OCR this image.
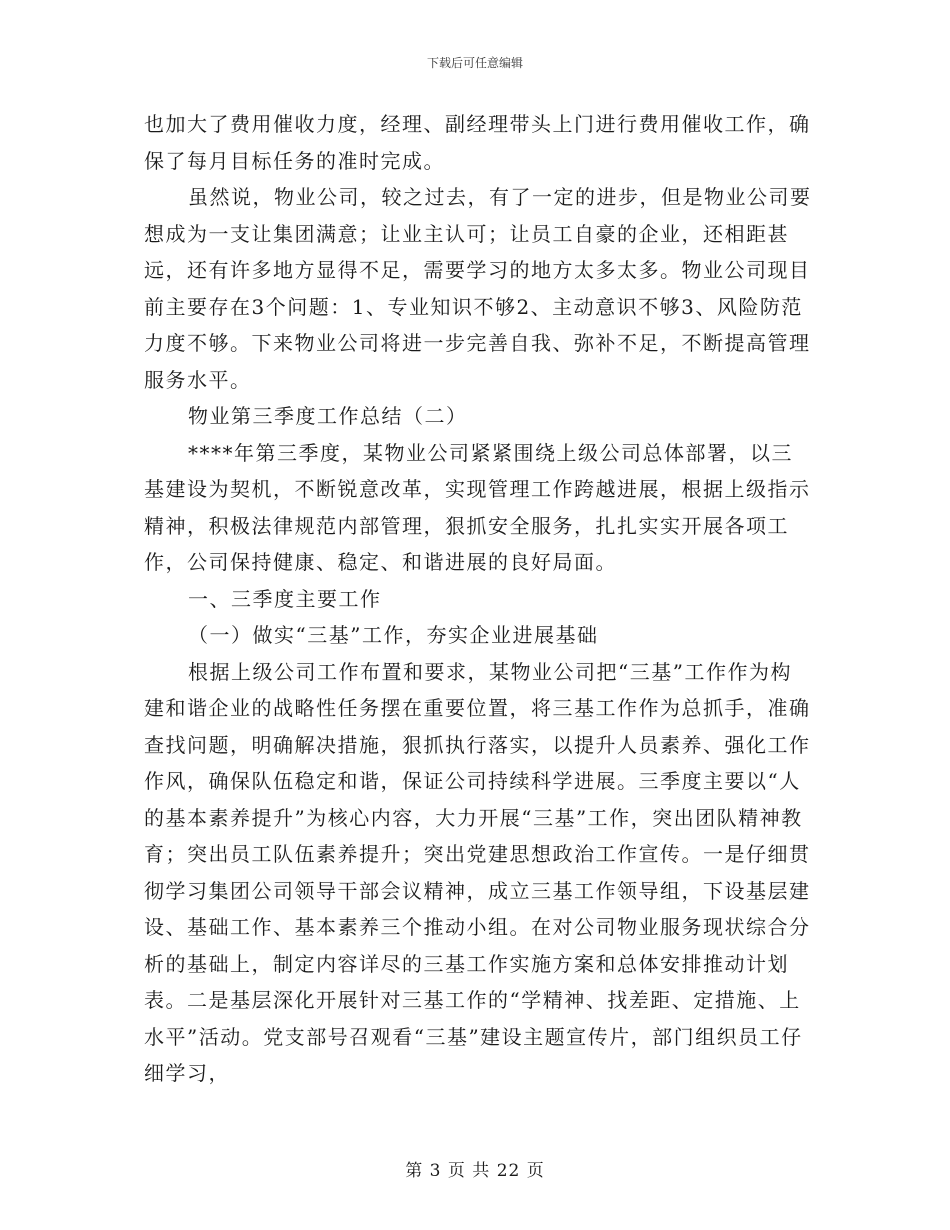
下载后可任意编辑

也加大了费用催收力度，经理、副经理带头上门进行费用催收工作，确保了每月目标任务的准时完成。

虽然说，物业公司，较之过去，有了一定的进步，但是物业公司要想成为一支让集团满意；让业主认可；让员工自豪的企业，还相距甚远，还有许多地方显得不足，需要学习的地方太多太多。物业公司现目前主要存在3个问题：1、专业知识不够2、主动意识不够3、风险防范力度不够。下来物业公司将进一步完善自我、弥补不足，不断提高管理服务水平。

物业第三季度工作总结（二）

****年第三季度，某物业公司紧紧围绕上级公司总体部署，以三基建设为契机，不断锐意改革，实现管理工作跨越进展，根据上级指示精神，积极法律规范内部管理，狠抓安全服务，扎扎实实开展各项工作，公司保持健康、稳定、和谐进展的良好局面。

一、三季度主要工作

（一）做实“三基”工作，夯实企业进展基础

根据上级公司工作布置和要求，某物业公司把“三基”工作作为构建和谐企业的战略性任务摆在重要位置，将三基工作作为总抓手，准确查找问题，明确解决措施，狠抓执行落实，以提升人员素养、强化工作作风，确保队伍稳定和谐，保证公司持续科学进展。三季度主要以“人的基本素养提升”为核心内容，大力开展“三基”工作，突出团队精神教育；突出员工队伍素养提升；突出党建思想政治工作宣传。一是仔细贯彻学习集团公司领导干部会议精神，成立三基工作领导组，下设基层建设、基础工作、基本素养三个推动小组。在对公司物业服务现状综合分析的基础上，制定内容详尽的三基工作实施方案和总体安排推动计划表。二是基层深化开展针对三基工作的“学精神、找差距、定措施、上水平”活动。党支部号召观看“三基”建设主题宣传片，部门组织员工仔细学习，

第 3 页 共 22 页
